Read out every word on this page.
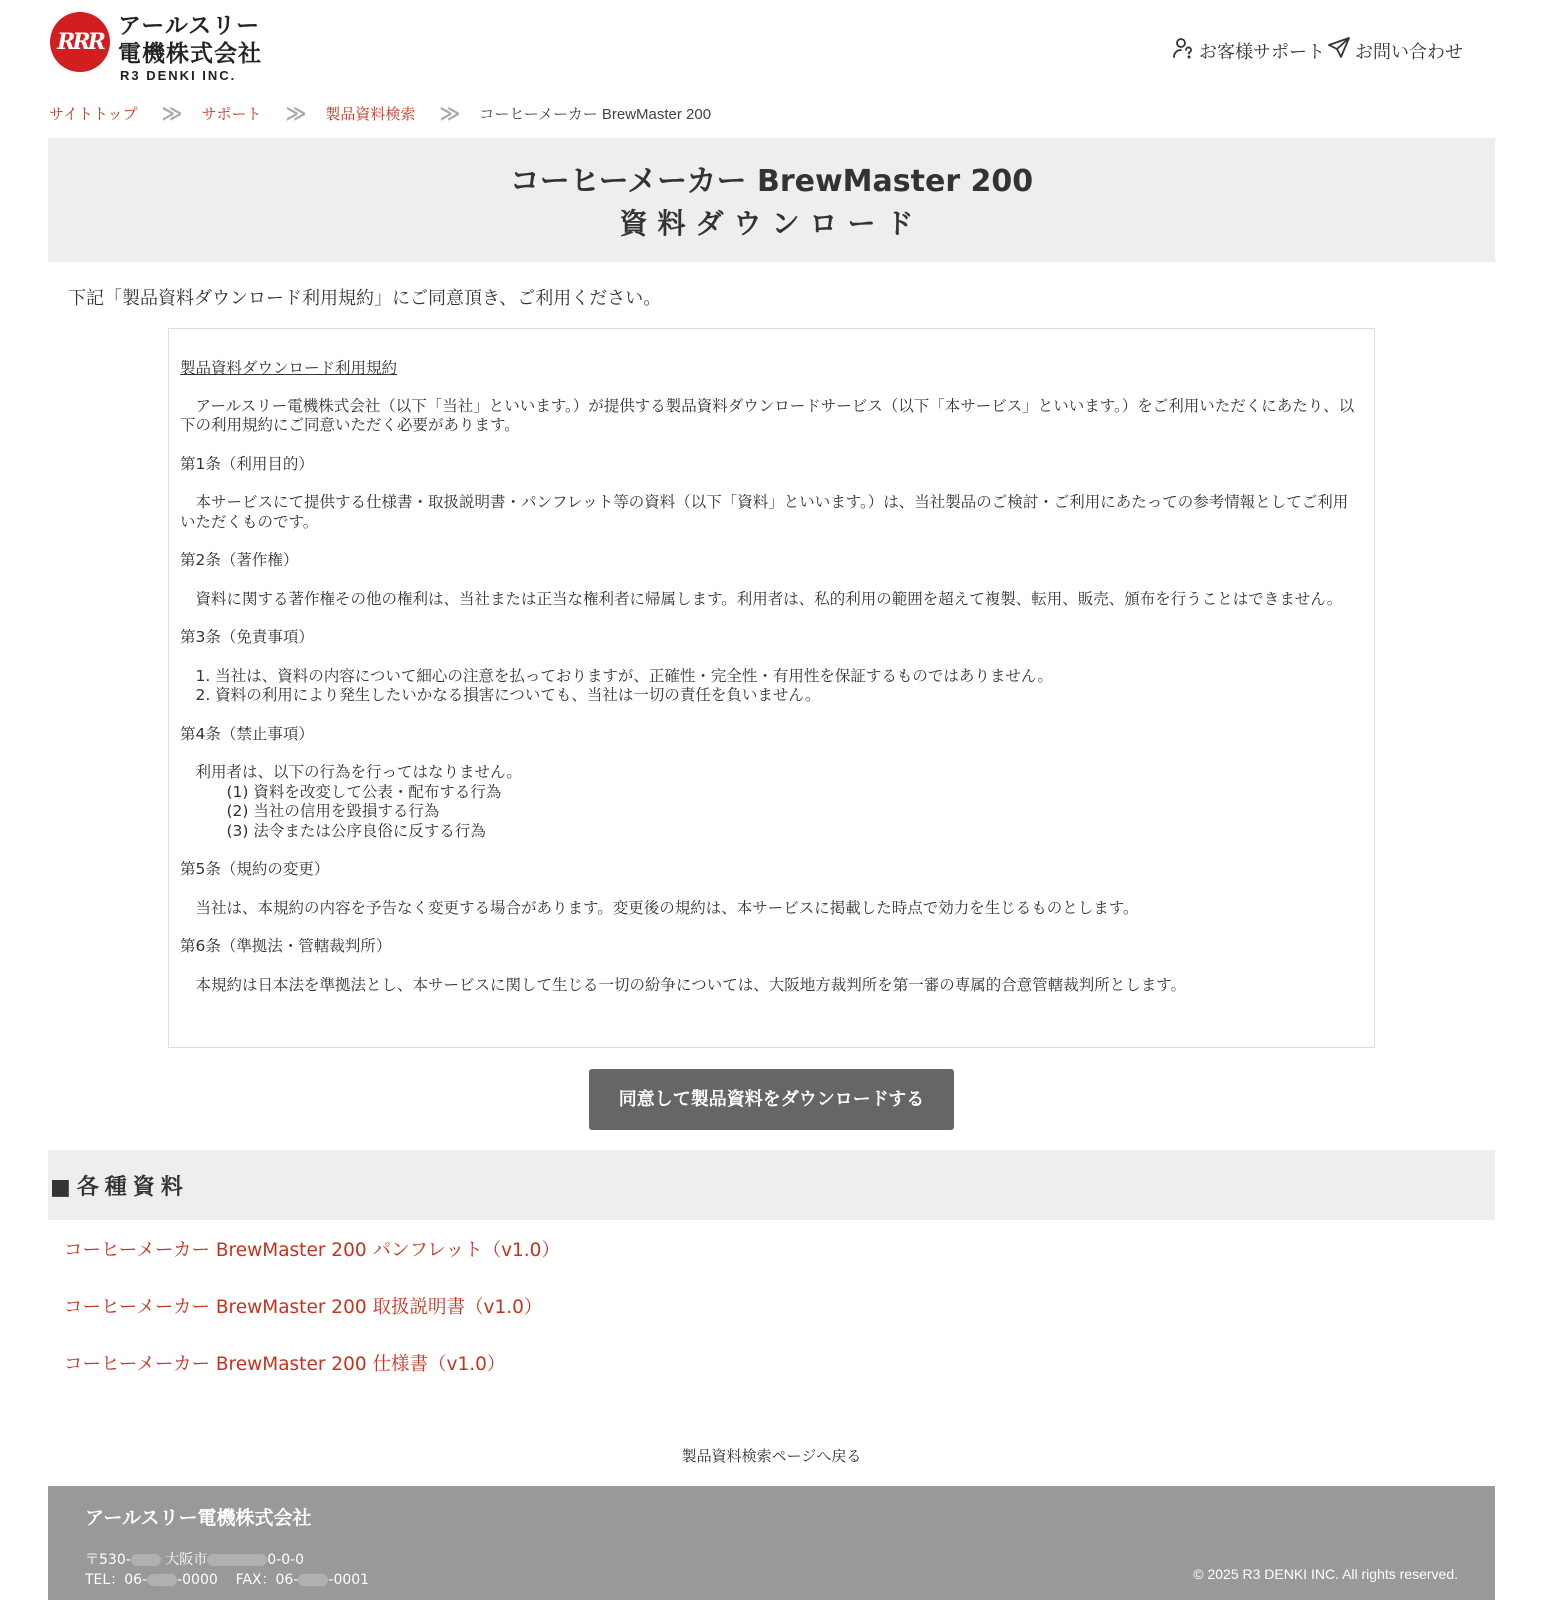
RRR
アールスリー
電機株式会社
R3 DENKI INC.
お客様サポート お問い合わせ
サイトトップ ≫ サポート ≫ 製品資料検索 ≫ コーヒーメーカー BrewMaster 200
コーヒーメーカー BrewMaster 200
資料ダウンロード
下記「製品資料ダウンロード利用規約」にご同意頂き、ご利用ください。
製品資料ダウンロード利用規約
アールスリー電機株式会社（以下「当社」といいます。）が提供する製品資料ダウンロードサービス（以下「本サービス」といいます。）をご利用いただくにあたり、以下の利用規約にご同意いただく必要があります。
第1条（利用目的）
本サービスにて提供する仕様書・取扱説明書・パンフレット等の資料（以下「資料」といいます。）は、当社製品のご検討・ご利用にあたっての参考情報としてご利用いただくものです。
第2条（著作権）
資料に関する著作権その他の権利は、当社または正当な権利者に帰属します。利用者は、私的利用の範囲を超えて複製、転用、販売、頒布を行うことはできません。
第3条（免責事項）
1. 当社は、資料の内容について細心の注意を払っておりますが、正確性・完全性・有用性を保証するものではありません。
2. 資料の利用により発生したいかなる損害についても、当社は一切の責任を負いません。
第4条（禁止事項）
利用者は、以下の行為を行ってはなりません。
(1) 資料を改変して公表・配布する行為
(2) 当社の信用を毀損する行為
(3) 法令または公序良俗に反する行為
第5条（規約の変更）
当社は、本規約の内容を予告なく変更する場合があります。変更後の規約は、本サービスに掲載した時点で効力を生じるものとします。
第6条（準拠法・管轄裁判所）
本規約は日本法を準拠法とし、本サービスに関して生じる一切の紛争については、大阪地方裁判所を第一審の専属的合意管轄裁判所とします。
同意して製品資料をダウンロードする
■各種資料
コーヒーメーカー BrewMaster 200 パンフレット（v1.0）
コーヒーメーカー BrewMaster 200 取扱説明書（v1.0）
コーヒーメーカー BrewMaster 200 仕様書（v1.0）
製品資料検索ページへ戻る
アールスリー電機株式会社
〒530- 大阪市	0-0-0
TEL：06- -0000 FAX：06- -0001	© 2025 R3 DENKI INC. All rights reserved.
